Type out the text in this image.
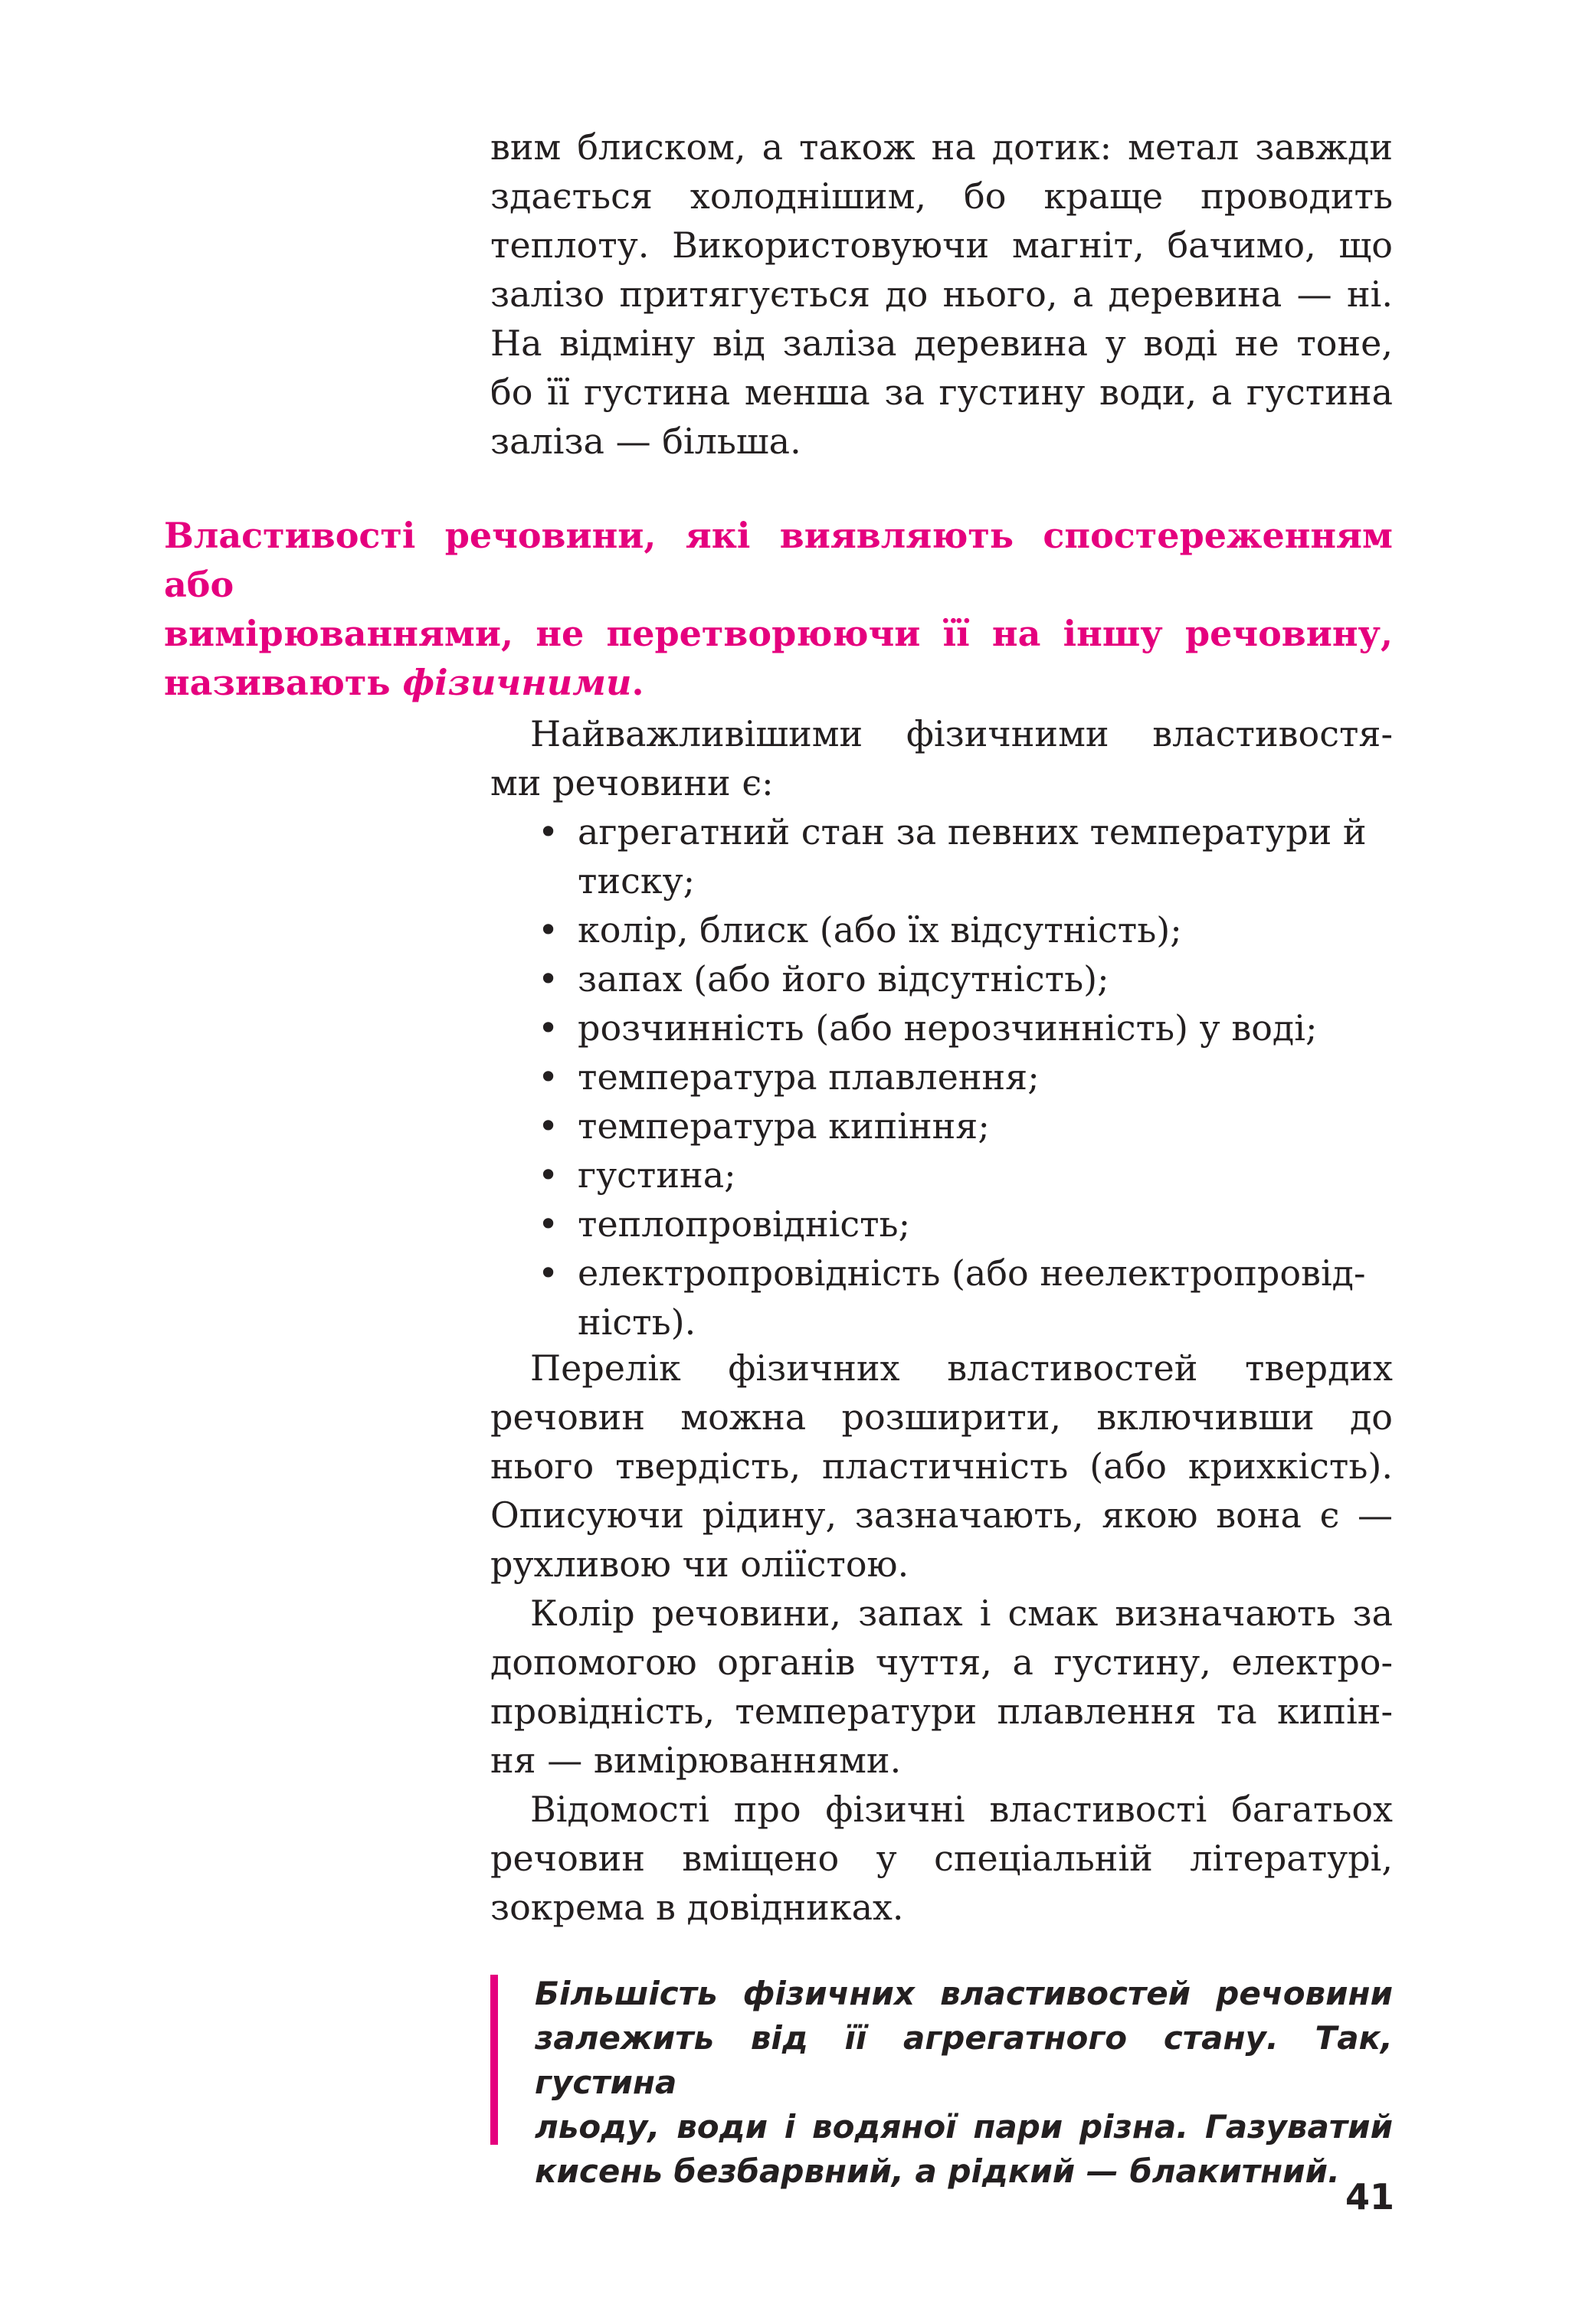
вим блиском, а також на дотик: метал завжди
здається холоднішим, бо краще проводить
теплоту. Використовуючи магніт, бачимо, що
залізо притягується до нього, а деревина — ні.
На відміну від заліза деревина у воді не тоне,
бо її густина менша за густину води, а густина
заліза — більша.

Властивості речовини, які виявляють спостереженням або
вимірюваннями, не перетворюючи її на іншу речовину,
називають фізичними.

Найважливішими фізичними властивостя-
ми речовини є:

• агрегатний стан за певних температури й
тиску;
• колір, блиск (або їх відсутність);
• запах (або його відсутність);
• розчинність (або нерозчинність) у воді;
• температура плавлення;
• температура кипіння;
• густина;
• теплопровідність;
• електропровідність (або неелектропровід-
ність).

Перелік фізичних властивостей твердих
речовин можна розширити, включивши до
нього твердість, пластичність (або крихкість).
Описуючи рідину, зазначають, якою вона є —
рухливою чи оліїстою.

Колір речовини, запах і смак визначають за
допомогою органів чуття, а густину, електро-
провідність, температури плавлення та кипін-
ня — вимірюваннями.

Відомості про фізичні властивості багатьох
речовин вміщено у спеціальній літературі,
зокрема в довідниках.

Більшість фізичних властивостей речовини
залежить від її агрегатного стану. Так, густина
льоду, води і водяної пари різна. Газуватий
кисень безбарвний, а рідкий — блакитний.

41
